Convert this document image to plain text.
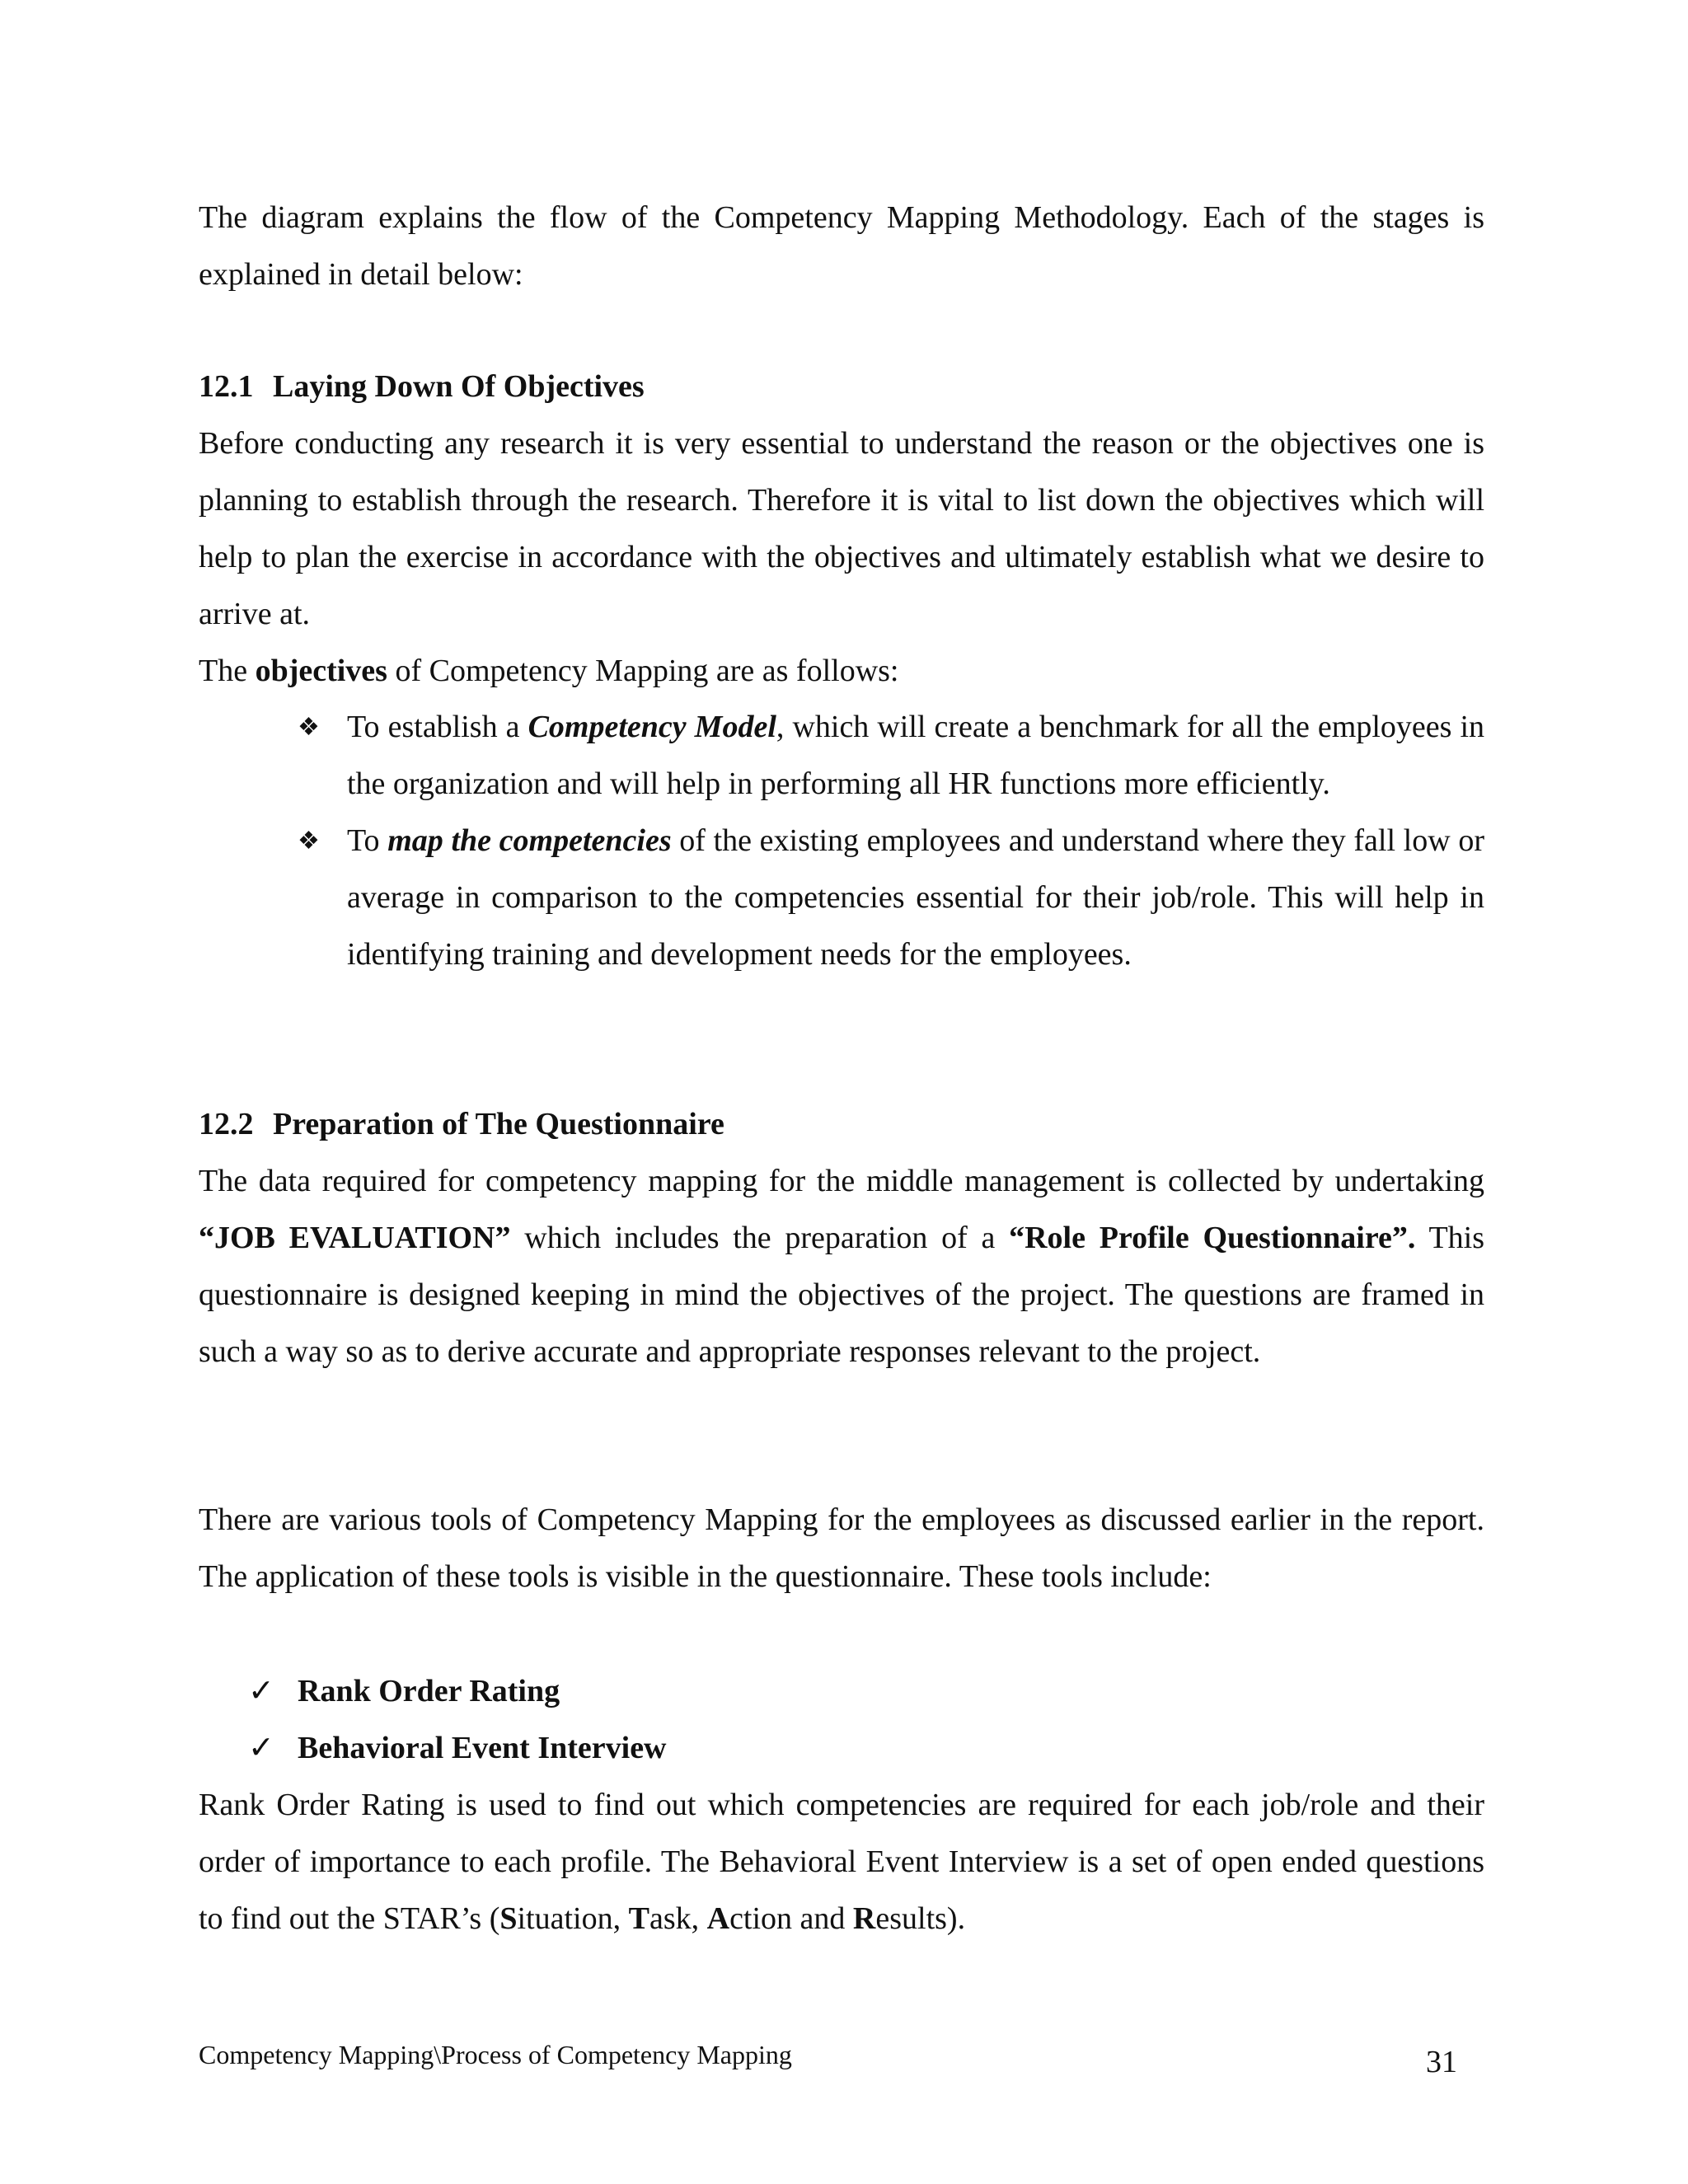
The diagram explains the flow of the Competency Mapping Methodology. Each of the stages is explained in detail below:

12.1 Laying Down Of Objectives

Before conducting any research it is very essential to understand the reason or the objectives one is planning to establish through the research. Therefore it is vital to list down the objectives which will help to plan the exercise in accordance with the objectives and ultimately establish what we desire to arrive at.

The objectives of Competency Mapping are as follows:

❖ To establish a Competency Model, which will create a benchmark for all the employees in the organization and will help in performing all HR functions more efficiently.
❖ To map the competencies of the existing employees and understand where they fall low or average in comparison to the competencies essential for their job/role. This will help in identifying training and development needs for the employees.

12.2 Preparation of The Questionnaire

The data required for competency mapping for the middle management is collected by undertaking “JOB EVALUATION” which includes the preparation of a “Role Profile Questionnaire”. This questionnaire is designed keeping in mind the objectives of the project. The questions are framed in such a way so as to derive accurate and appropriate responses relevant to the project.

There are various tools of Competency Mapping for the employees as discussed earlier in the report. The application of these tools is visible in the questionnaire. These tools include:

✓ Rank Order Rating
✓ Behavioral Event Interview

Rank Order Rating is used to find out which competencies are required for each job/role and their order of importance to each profile. The Behavioral Event Interview is a set of open ended questions to find out the STAR’s (Situation, Task, Action and Results).

Competency Mapping\Process of Competency Mapping	31
